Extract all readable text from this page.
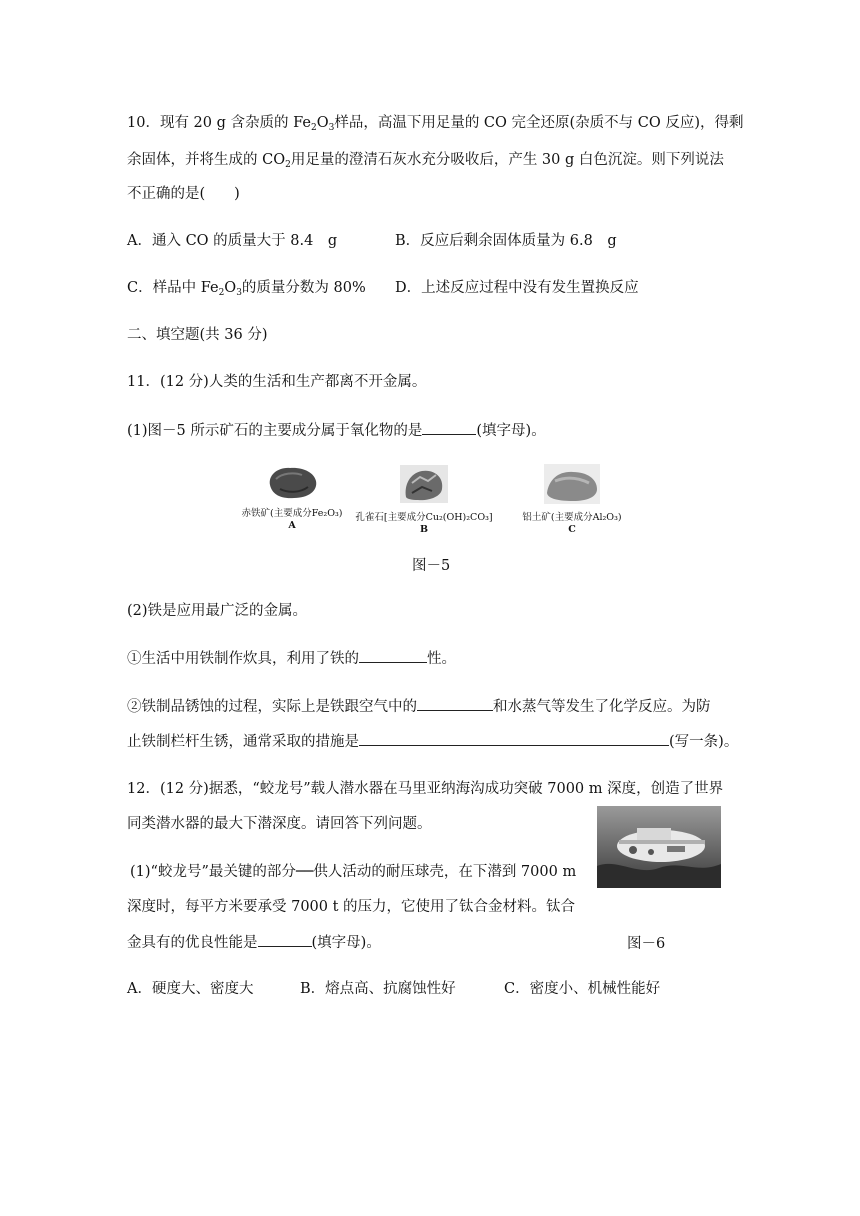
10．现有 20 g 含杂质的 $Fe_2O_3$样品，高温下用足量的 CO 完全还原(杂质不与 CO 反应)，得剩
余固体，并将生成的 $CO_2$用足量的澄清石灰水充分吸收后，产生 30 g 白色沉淀。则下列说法
不正确的是(　　)
A．通入 CO 的质量大于 8.4　g	B．反应后剩余固体质量为 6.8　g
C．样品中 $Fe_2O_3$的质量分数为 80% D．上述反应过程中没有发生置换反应
二、填空题(共 36 分)
11．(12 分)人类的生活和生产都离不开金属。
(1)图－5 所示矿石的主要成分属于氧化物的是	(填字母)。
赤铁矿(主要成分Fe₂O₃)
A
孔雀石[主要成分Cu₂(OH)₂CO₃]
B
铝土矿(主要成分Al₂O₃)
C
图－5
(2)铁是应用最广泛的金属。
①生活中用铁制作炊具，利用了铁的	性。
②铁制品锈蚀的过程，实际上是铁跟空气中的	和水蒸气等发生了化学反应。为防
止铁制栏杆生锈，通常采取的措施是	(写一条)。
12．(12 分)据悉，“蛟龙号”载人潜水器在马里亚纳海沟成功突破 7000 m 深度，创造了世界
同类潜水器的最大下潜深度。请回答下列问题。
(1)“蛟龙号”最关键的部分──供人活动的耐压球壳，在下潜到 7000 m
深度时，每平方米要承受 7000 t 的压力，它使用了钛合金材料。钛合
金具有的优良性能是	(填字母)。	图－6
A．硬度大、密度大	B．熔点高、抗腐蚀性好	C．密度小、机械性能好
